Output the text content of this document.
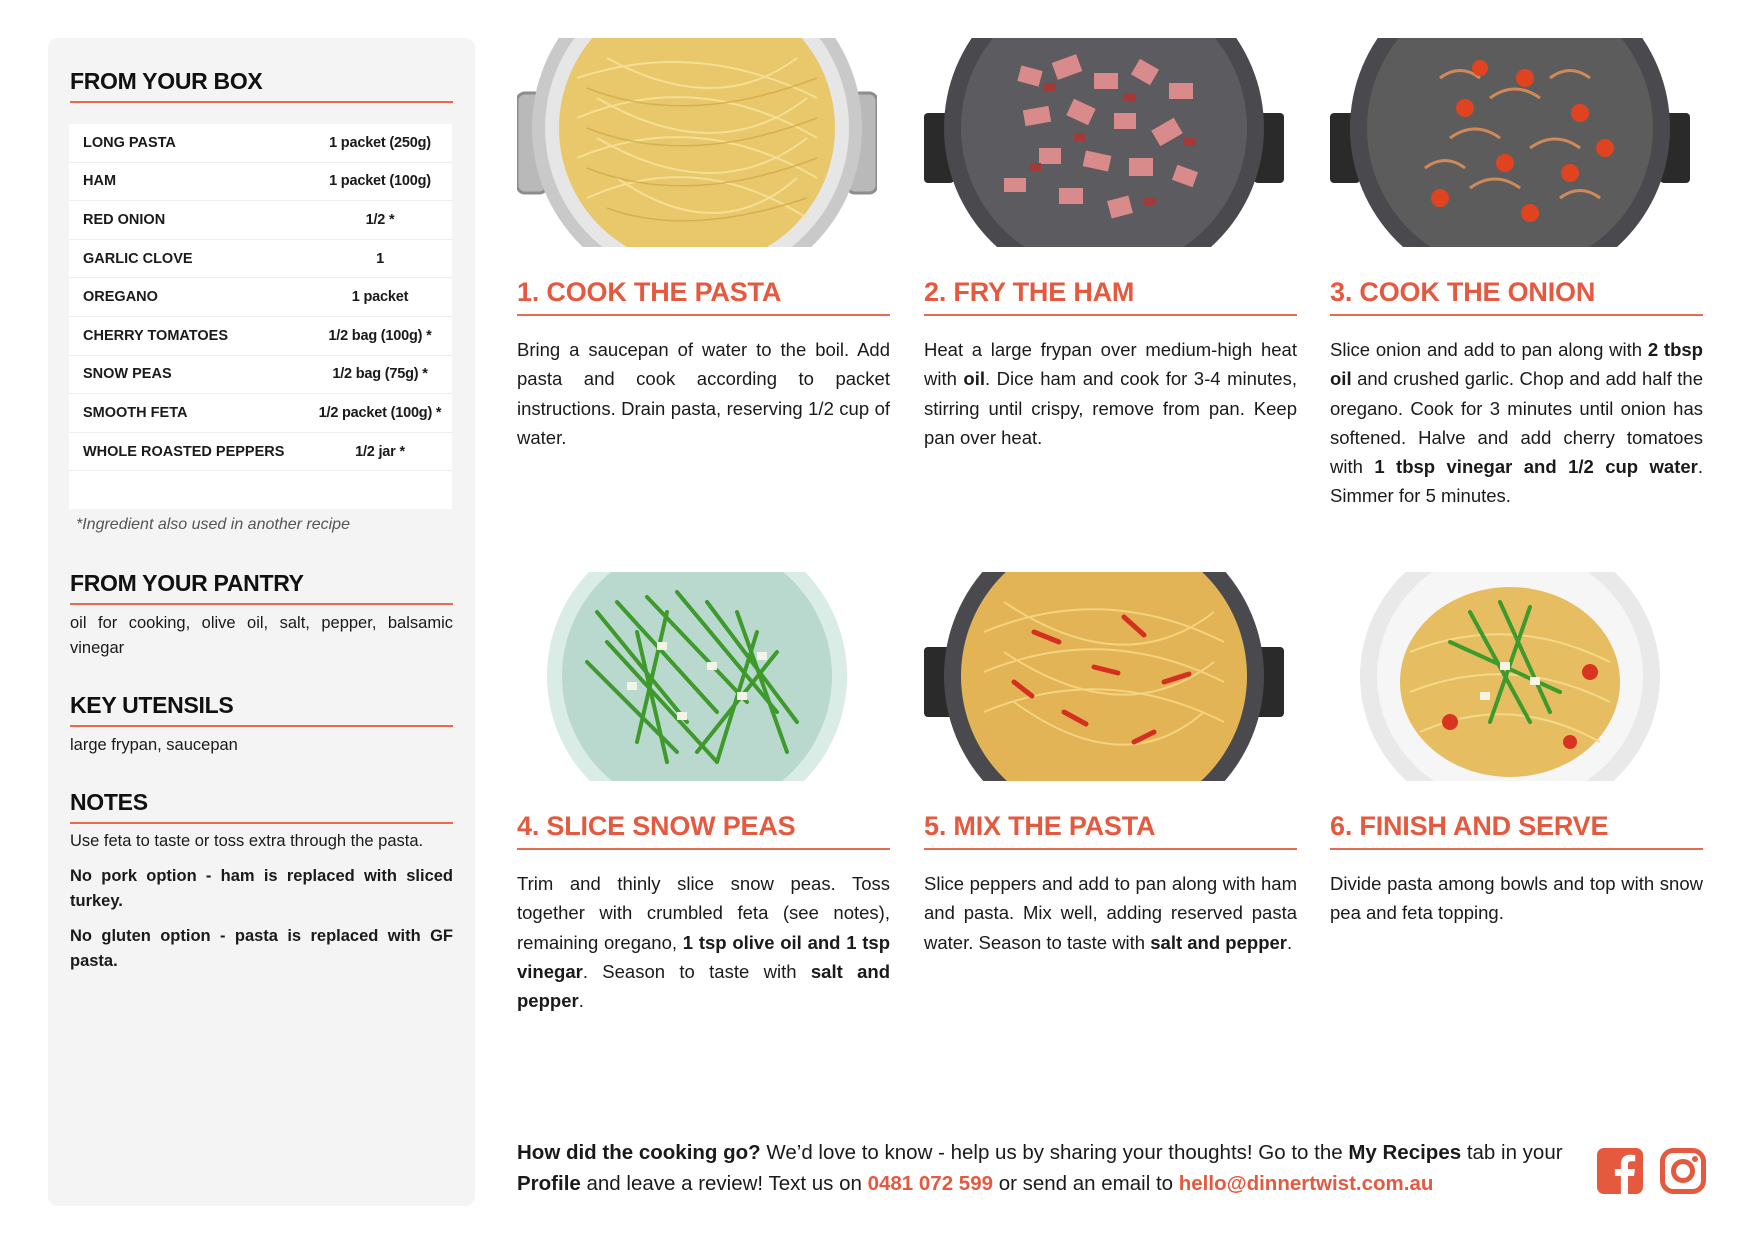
FROM YOUR BOX
LONG PASTA	1 packet (250g)
HAM	1 packet (100g)
RED ONION	1/2 *
GARLIC CLOVE	1
OREGANO	1 packet
CHERRY TOMATOES	1/2 bag (100g) *
SNOW PEAS	1/2 bag (75g) *
SMOOTH FETA	1/2 packet (100g) *
WHOLE ROASTED PEPPERS	1/2 jar *

*Ingredient also used in another recipe
FROM YOUR PANTRY
oil for cooking, olive oil, salt, pepper, balsamic vinegar
KEY UTENSILS
large frypan, saucepan
NOTES
Use feta to taste or toss extra through the pasta.
No pork option - ham is replaced with sliced turkey.
No gluten option - pasta is replaced with GF pasta.
1. COOK THE PASTA
Bring a saucepan of water to the boil. Add pasta and cook according to packet instructions. Drain pasta, reserving 1/2 cup of water.
2. FRY THE HAM
Heat a large frypan over medium-high heat with oil. Dice ham and cook for 3-4 minutes, stirring until crispy, remove from pan. Keep pan over heat.
3. COOK THE ONION
Slice onion and add to pan along with 2 tbsp oil and crushed garlic. Chop and add half the oregano. Cook for 3 minutes until onion has softened. Halve and add cherry tomatoes with 1 tbsp vinegar and 1/2 cup water. Simmer for 5 minutes.
4. SLICE SNOW PEAS
Trim and thinly slice snow peas. Toss together with crumbled feta (see notes), remaining oregano, 1 tsp olive oil and 1 tsp vinegar. Season to taste with salt and pepper.
5. MIX THE PASTA
Slice peppers and add to pan along with ham and pasta. Mix well, adding reserved pasta water. Season to taste with salt and pepper.
6. FINISH AND SERVE
Divide pasta among bowls and top with snow pea and feta topping.
How did the cooking go? We’d love to know - help us by sharing your thoughts! Go to the My Recipes tab in your Profile and leave a review! Text us on 0481 072 599 or send an email to hello@dinnertwist.com.au
